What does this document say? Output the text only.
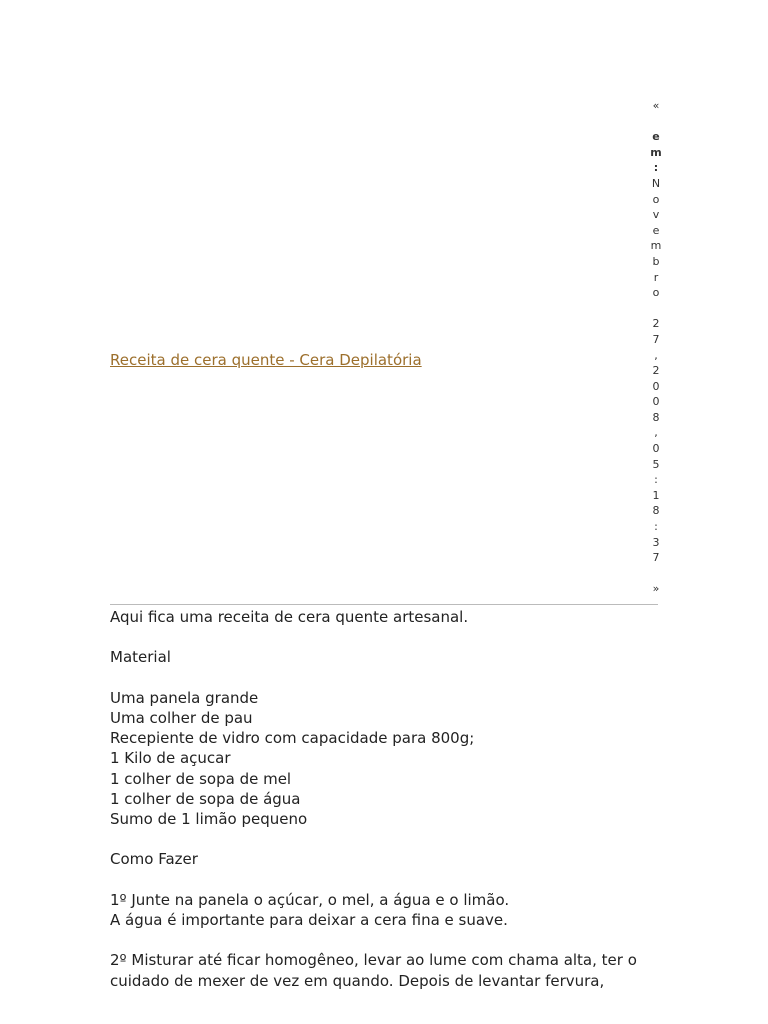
Receita de cera quente - Cera Depilatória
«
e
m
:
N
o
v
e
m
b
r
o
2
7
,
2
0
0
8
,
0
5
:
1
8
:
3
7
»
Aqui fica uma receita de cera quente artesanal.
Material
Uma panela grande
Uma colher de pau
Recepiente de vidro com capacidade para 800g;
1 Kilo de açucar
1 colher de sopa de mel
1 colher de sopa de água
Sumo de 1 limão pequeno
Como Fazer
1º Junte na panela o açúcar, o mel, a água e o limão.
A água é importante para deixar a cera fina e suave.
2º Misturar até ficar homogêneo, levar ao lume com chama alta, ter o
cuidado de mexer de vez em quando. Depois de levantar fervura,
